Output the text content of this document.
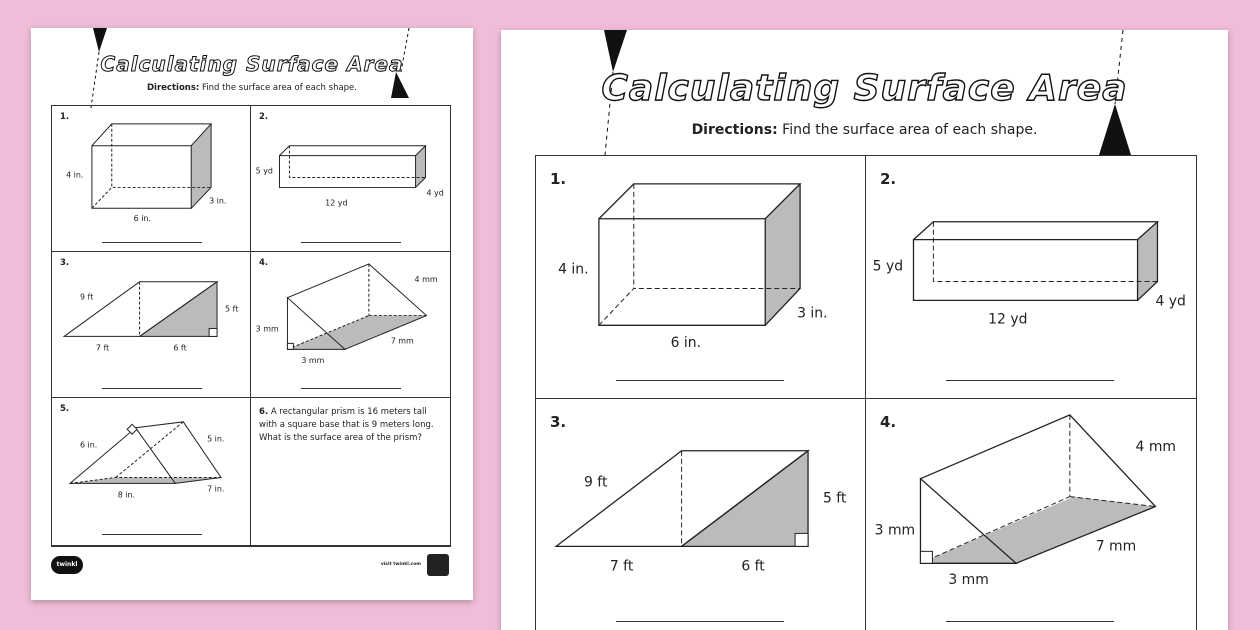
Calculating Surface Area
Directions: Find the surface area of each shape.
1.
4 in.
6 in.
3 in.
2.
5 yd
12 yd
4 yd
3.
9 ft
5 ft
7 ft	6 ft
4.
4 mm
3 mm
7 mm
3 mm
5.
6 in.
5 in.
8 in.
7 in.
6. A rectangular prism is 16 meters tall with a square base that is 9 meters long. What is the surface area of the prism?
twinkl	visit twinkl.com
Calculating Surface Area
Directions: Find the surface area of each shape.
1.
4 in.
6 in.
3 in.
2.
5 yd
12 yd
4 yd
3.
9 ft
5 ft
7 ft	6 ft
4.
4 mm
3 mm
7 mm
3 mm
